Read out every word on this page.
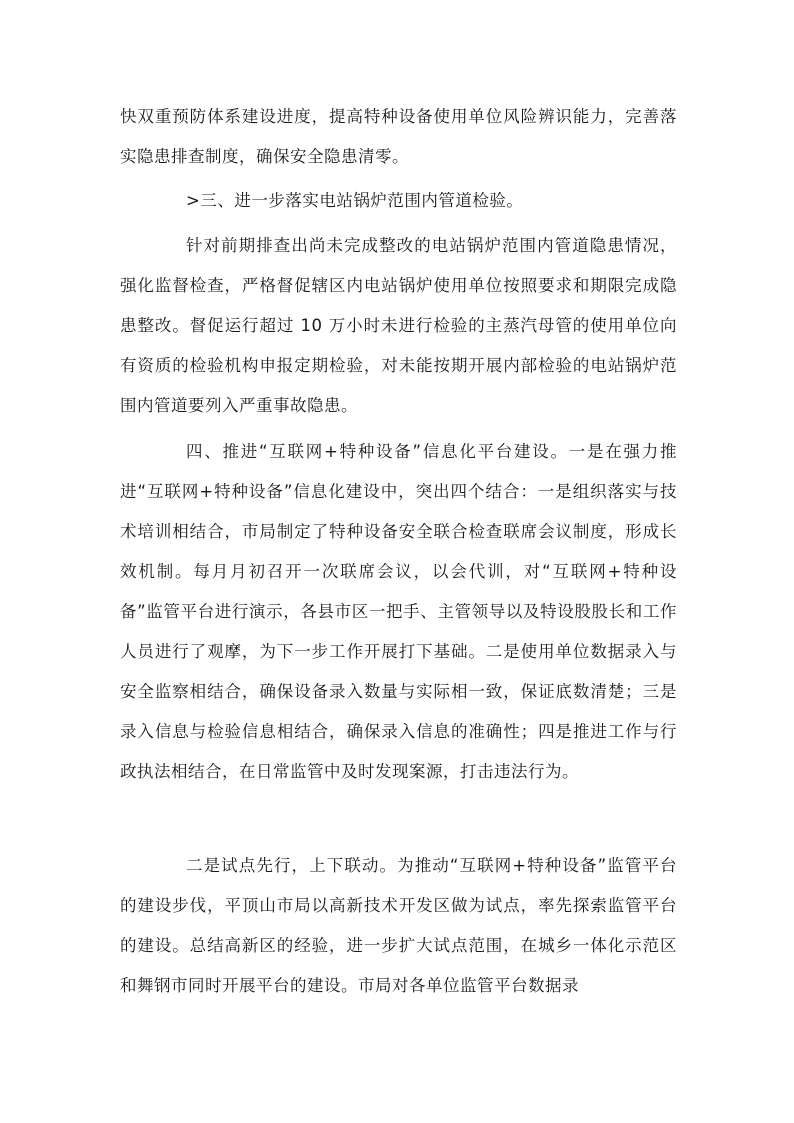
快双重预防体系建设进度，提高特种设备使用单位风险辨识能力，完善落实隐患排查制度，确保安全隐患清零。

>三、进一步落实电站锅炉范围内管道检验。

针对前期排查出尚未完成整改的电站锅炉范围内管道隐患情况，强化监督检查，严格督促辖区内电站锅炉使用单位按照要求和期限完成隐患整改。督促运行超过 10 万小时未进行检验的主蒸汽母管的使用单位向有资质的检验机构申报定期检验，对未能按期开展内部检验的电站锅炉范围内管道要列入严重事故隐患。

四、推进“互联网+特种设备”信息化平台建设。一是在强力推进“互联网+特种设备”信息化建设中，突出四个结合：一是组织落实与技术培训相结合，市局制定了特种设备安全联合检查联席会议制度，形成长效机制。每月月初召开一次联席会议，以会代训，对“互联网+特种设备”监管平台进行演示，各县市区一把手、主管领导以及特设股股长和工作人员进行了观摩，为下一步工作开展打下基础。二是使用单位数据录入与安全监察相结合，确保设备录入数量与实际相一致，保证底数清楚；三是录入信息与检验信息相结合，确保录入信息的准确性；四是推进工作与行政执法相结合，在日常监管中及时发现案源，打击违法行为。

二是试点先行，上下联动。为推动“互联网+特种设备”监管平台的建设步伐，平顶山市局以高新技术开发区做为试点，率先探索监管平台的建设。总结高新区的经验，进一步扩大试点范围，在城乡一体化示范区和舞钢市同时开展平台的建设。市局对各单位监管平台数据录
